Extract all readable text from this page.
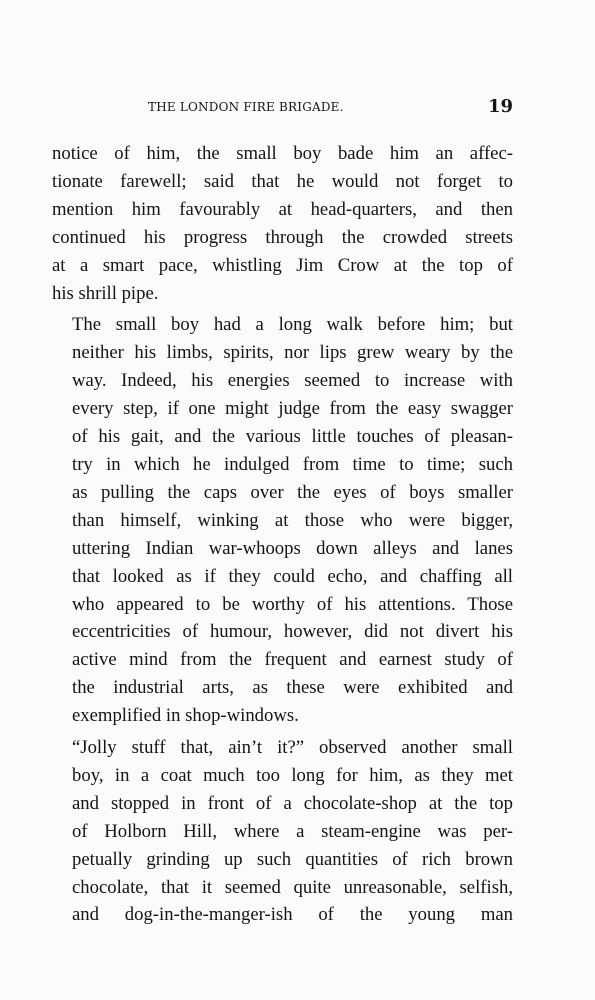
THE LONDON FIRE BRIGADE.	19

notice of him, the small boy bade him an affec-
tionate farewell; said that he would not forget to
mention him favourably at head-quarters, and then
continued his progress through the crowded streets
at a smart pace, whistling Jim Crow at the top of
his shrill pipe.

The small boy had a long walk before him; but
neither his limbs, spirits, nor lips grew weary by the
way. Indeed, his energies seemed to increase with
every step, if one might judge from the easy swagger
of his gait, and the various little touches of pleasan-
try in which he indulged from time to time; such
as pulling the caps over the eyes of boys smaller
than himself, winking at those who were bigger,
uttering Indian war-whoops down alleys and lanes
that looked as if they could echo, and chaffing all
who appeared to be worthy of his attentions. Those
eccentricities of humour, however, did not divert his
active mind from the frequent and earnest study of
the industrial arts, as these were exhibited and
exemplified in shop-windows.

“Jolly stuff that, ain’t it?” observed another small
boy, in a coat much too long for him, as they met
and stopped in front of a chocolate-shop at the top
of Holborn Hill, where a steam-engine was per-
petually grinding up such quantities of rich brown
chocolate, that it seemed quite unreasonable, selfish,
and dog-in-the-manger-ish of the young man
